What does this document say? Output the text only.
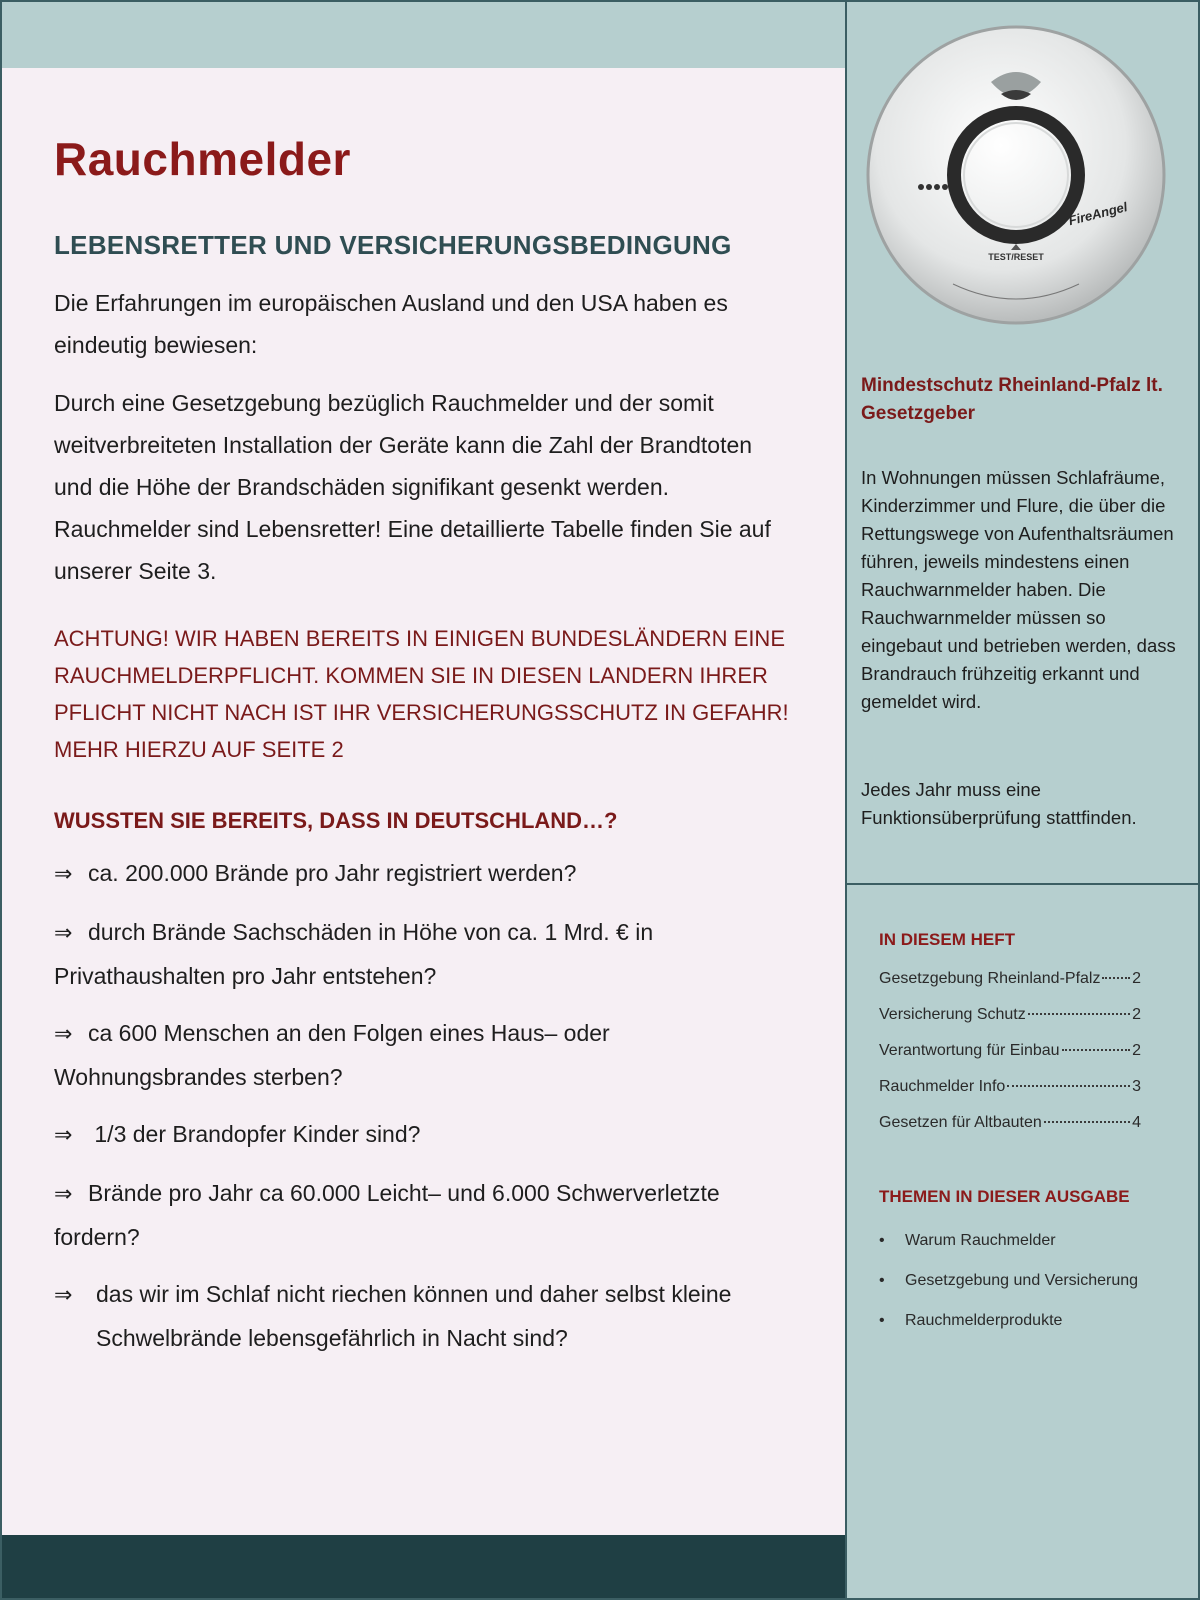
Rauchmelder
LEBENSRETTER UND VERSICHERUNGSBEDINGUNG

Die Erfahrungen im europäischen Ausland und den USA haben es eindeutig bewiesen:

Durch eine Gesetzgebung bezüglich Rauchmelder und der somit weitverbreiteten Installation der Geräte kann die Zahl der Brandtoten und die Höhe der Brandschäden signifikant gesenkt werden. Rauchmelder sind Lebensretter! Eine detaillierte Tabelle finden Sie auf unserer Seite 3.

ACHTUNG! WIR HABEN BEREITS IN EINIGEN BUNDESLÄNDERN EINE RAUCHMELDERPFLICHT. KOMMEN SIE IN DIESEN LANDERN IHRER PFLICHT NICHT NACH IST IHR VERSICHERUNGSSCHUTZ IN GEFAHR! MEHR HIERZU AUF SEITE 2

WUSSTEN SIE BEREITS, DASS IN DEUTSCHLAND…?
⇒ ca. 200.000 Brände pro Jahr registriert werden?
⇒ durch Brände Sachschäden in Höhe von ca. 1 Mrd. € in Privathaushalten pro Jahr entstehen?
⇒ ca 600 Menschen an den Folgen eines Haus– oder Wohnungsbrandes sterben?
⇒ 1/3 der Brandopfer Kinder sind?
⇒ Brände pro Jahr ca 60.000 Leicht– und 6.000 Schwerverletzte fordern?
⇒ das wir im Schlaf nicht riechen können und daher selbst kleine Schwelbrände lebensgefährlich in Nacht sind?
FireAngel
TEST/RESET
Mindestschutz Rheinland-Pfalz lt. Gesetzgeber

In Wohnungen müssen Schlafräume, Kinderzimmer und Flure, die über die Rettungswege von Aufenthaltsräumen führen, jeweils mindestens einen Rauchwarnmelder haben. Die Rauchwarnmelder müssen so eingebaut und betrieben werden, dass Brandrauch frühzeitig erkannt und gemeldet wird.

Jedes Jahr muss eine Funktionsüberprüfung stattfinden.

IN DIESEM HEFT
Gesetzgebung Rheinland-Pfalz 2
Versicherung Schutz	2
Verantwortung für Einbau	2
Rauchmelder Info	3
Gesetzen für Altbauten	4
THEMEN IN DIESER AUSGABE
•	Warum Rauchmelder
•	Gesetzgebung und Versicherung
•	Rauchmelderprodukte
